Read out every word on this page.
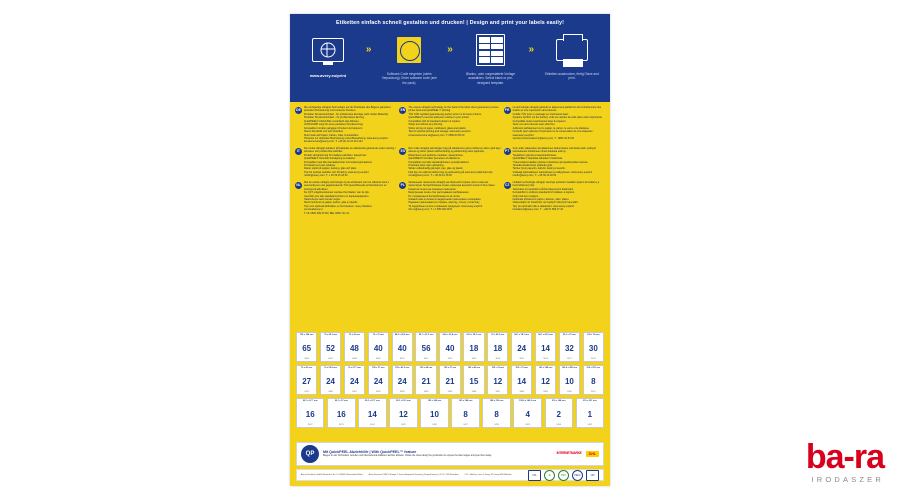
Etiketten einfach schnell gestalten und drucken! | Design and print your labels easily!
www.avery.eu/print
»
Software-Code eingeben (siehe Verpackung). Enter software code (see the pack).
»
Blanko- oder vorgestaltete Vorlage auswählen. Select blank or pre-designed template.
»
Etiketten ausdrucken, fertig! Save and print.
DE
Die einzigartige ultragrip-Technologie auf der Rückseite des Bogens garantiert perfekten Druckeinzug und trockenes Drucken.
Perfekter Druckerdurchlauf - für problemlose Einzüge (sehr steifes Material).
Perfekter Druckerdurchlauf – für problemlosen Einzug.
QuickPEEL® Abziehhilfe vereinfacht das Ablösen.
ULTRAGRIP sorgt für einen perfekten Druckereinzug.
Kompatibel mit allen gängigen Druckern & Kopierern.
Klares Druckbild und sehr kratzfest.
Klebt stark auf Papier, Karton, Glas, Kunststoffen.
Hinweise zur optimalen Bedruckung und Aufbewahrung: www.avery.eu/print.
kundenservice@avery.com, T: +49 (0) 40 24 441 244
EN
The unique ultragrip technology on the back of the label sheet guarantees precise printer feed and quickPEEL™ printing.
TÜV SÜD certified guaranteeing perfect print run for laser printers.
QuickPEEL® prevents adhesive residue in your printer.
Compatible with all standard printers & copiers.
Sharp text without any blurring.
Sticks strong on paper, cardboard, glass and plastic.
Tips for optimal printing and storage: www.avery.eu/print
consumerservice.uk@avery.com, T: 0800 80 50 00
FR
La technologie ultragrip garantit un alignement parfait lors de l'entraînement des feuilles et une impression sans bavures.
Certifié TÜV pour un passage en imprimante laser.
Système QUICK sur les bords外 évite les résidus de colle dans votre imprimante.
Compatible toutes imprimantes laser & copieurs.
Texte net sans bavures sans effet flou.
Adhésion parfaitement sur le papier, le carton, le verre et le plastique.
Conseils pour optimiser l'impression et la conservation de vos étiquettes : www.avery.eu/print
serviceconsommateur.fr@avery.com, T : 0800 34 54 00
IT
Den unika ultragrip-tekniken på baksidan av etiketterark garanterar exakt matning i skrivaren och problemfria utskrifter.
Perfekt skrivarkörning för kvalitets-utskrifter i laserprinter.
QuickPEEL® förenklar borttagning av etiketter.
Kompatibel med alla standardprintrar och kopieringsmaskiner.
Knivskarp text utan oskärpa.
Fäster starkt på papper, kartong, glas och plast.
Tips för optimal utskrifter och förvaring: www.avery.eu/print
nordic@avery.com, T: + 45 39 10 18 00
ES
Den unike ultragrip teknologien bag på etiketternes giver problemer sikrer godt tag i arkene og sikrer præcis arkfremføring og udskrivning uden papirstop.
Efterprøvet med perfekte resultater i laserprintere.
QuickPEEL® forenkler fjernelsen af etiketterne.
Kompatibel med alle standardprintere og kopimaskiner.
Knivskarp tekst uden udtværing.
Sidder velfasthæftig på papir, pap, glas og plastic.
Find tips om optimal udskrivning og opbevaring på www.avery.dk/printer-tips
nordic@avery.com, T: + 45 39 10 18 00
PT
Suru arkin takapuolen ainutlaatuinen tarttumisaine varmistaa arkin syöttyvä tulostukseesi tulostimeen ilman tukoksia esiinny.
Täydellinen toimivuus lasertulostimissa.
QuickPEEL® helpottaa etikettien irrottamista.
Yhteensopiva kaikkien yleisten tulostimien ja kopiokoneiden kanssa.
Terävää tekstiä ilman epäterävyyttä.
Tarttuu hyvin paperiin, pahviin, lasiin ja muoviin.
Vinkkejä optimaaliseen tulostukseen ja säilytykseen: www.avery.eu/print
nordic@avery.com, T: + 45 39 10 18 00
NL
Met de unieke ultragrip technologie op de achterkant van het etiketvel komt u eenvoudig een van gegarandeerde TÜV gecertificeerde printerdoorvoer en storingsvrij afdrukken.
De QCT-volgdimensioneel voordeel het bladen' van de lijm.
Geschikt voor alle standaard printers en kopieerapparaten.
Haarscherpe tekst zonder vegen.
Sterk hechtend op papier, karton, glas en plastic.
Tips voor optimaal afdrukken en het bewaren: avery.nl/advies
serviceafavery.nl
T: NL 0800 099 33 99 | BEL 0800 721 41
PL
Уникальная технология ultragrip на обратной стороне листа этикеток гарантирует беспроблемное печать принтера высокой четкости без помех.
Гарантия печати на лазерных принтерах.
Безупречная печать без расплывания изображения.
Не стирающиеся беспроблемно из-за лотка.
Совместимы со всеми стандартными принтерами и копирами.
Надежно приклеивается к бумаге, картону, стеклу и пластику.
Та подробные печати и хранения продукции: www.avery.eu/print
info.ru@avery.com, T: +7 495 228 3476
CZ
Unikátní technologie ultragrip zaručuje perfektní zavádění papíru do tiskárny a bezproblémový tisk.
Testováno pro perfektní průchod laserovými tiskárnami.
Kompatibilní s většinou standardních tiskáren a kopírek.
Ostrý tisk bez rozpíjení.
Dokonale přilnavost k papíru, kartonu, sklu i plastu.
Odpovídající do zásobníku na zvyklých tiskových kanceláří.
Tipy pro optimální tisk a skladování: www.avery.eu/print
kontakt.pol@avery.com, T : +48 61 896 27 44
105 x 148 mm
65
3666
70 x 42,3 mm
52
3667
70 x 36 mm
48
3668
70 x 37 mm
40
3669
48,5 x 25,4 mm
40
3670
45,7 x 21,2 mm
56
3671
64,6 x 33,8 mm
40
3672
63,5 x 38,1 mm
18
3673
97 x 42,3 mm
18
3674
99,1 x 38,1 mm
24
3675
99,1 x 42,3 mm
14
3676
99,1 x 57 mm
32
3677
105 x 74 mm
30
3678
70 x 41 mm
27
3479
70 x 50,8 mm
24
3480
70 x 67,7 mm
24
3481
105 x 37 mm
24
3482
105 x 42,3 mm
24
3483
105 x 48 mm
21
3484
105 x 57 mm
21
3485
105 x 48 mm
15
3486
105 x 74 mm
12
3487
105 x 70 mm
14
3488
105 x 148 mm
12
3489
199,6 x 289 mm
10
3490
210 x 297 mm
8
3491
99,1 x 67,7 mm
16
3422
99,1 x 57 mm
16
3423
99,1 x 67,7 mm
14
3424
99,1 x 93,1 mm
12
3425
105 x 148 mm
10
3426
105 x 148 mm
8
3427
148 x 210 mm
8
3428
199,6 x 143,5 mm
4
3429
210 x 148 mm
2
3430
210 x 297 mm
1
3431
QP	Mit QuickPEEL Abziehhilfe | With QuickPEEL™ feature
Biegen an der Perforation zerteilen und überstehende Etiketten leichter ablösen. Divide the sheet along the perforation to expose the label edges and peel them away.
INTERNETMARKE	DHL
Avery Zweckform GmbH, Miesbacher Str. 5, D-83626 Oberlaindern/Valley	Avery Dennison / NWCO Europe, 1 Dawn Hampstead, Germany, (Rispondi www), p 3C 44 - 299 Rotterdam	CCL / label by / com. d. Kenny, M. Kenny 8050 Etiketten	CCL	♻	FSC	PEFC	100	ba-ra
IRODASZER
